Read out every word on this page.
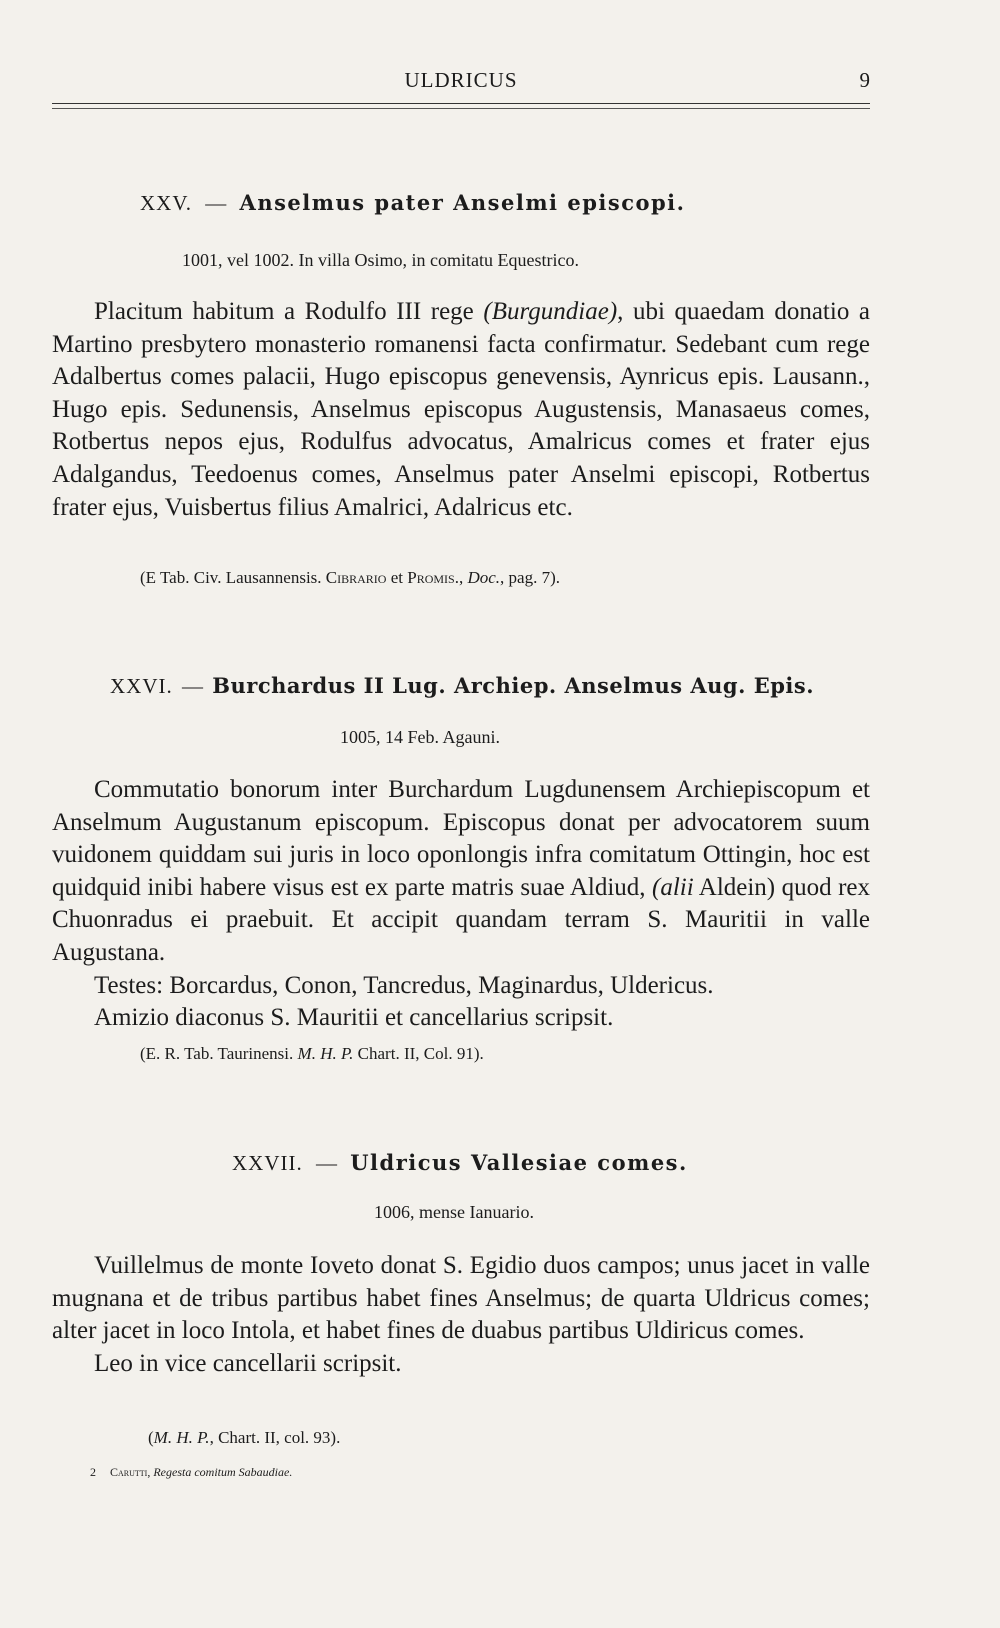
ULDRICUS	9
XXV. — Anselmus pater Anselmi episcopi.
1001, vel 1002. In villa Osimo, in comitatu Equestrico.

Placitum habitum a Rodulfo III rege (Burgundiae), ubi quaedam donatio a Martino presbytero monasterio romanensi facta confirmatur. Sedebant cum rege Adalbertus comes palacii, Hugo episcopus genevensis, Aynricus epis. Lausann., Hugo epis. Sedunensis, Anselmus episcopus Augustensis, Manasaeus comes, Rotbertus nepos ejus, Rodulfus advocatus, Amalricus comes et frater ejus Adalgandus, Teedoenus comes, Anselmus pater Anselmi episcopi, Rotbertus frater ejus, Vuisbertus filius Amalrici, Adalricus etc.

(E Tab. Civ. Lausannensis. Cibrario et Promis., Doc., pag. 7).
XXVI. — Burchardus II Lug. Archiep. Anselmus Aug. Epis.
1005, 14 Feb. Agauni.

Commutatio bonorum inter Burchardum Lugdunensem Archiepiscopum et Anselmum Augustanum episcopum. Episcopus donat per advocatorem suum vuidonem quiddam sui juris in loco oponlongis infra comitatum Ottingin, hoc est quidquid inibi habere visus est ex parte matris suae Aldiud, (alii Aldein) quod rex Chuonradus ei praebuit. Et accipit quandam terram S. Mauritii in valle Augustana.

Testes: Borcardus, Conon, Tancredus, Maginardus, Uldericus.

Amizio diaconus S. Mauritii et cancellarius scripsit.

(E. R. Tab. Taurinensi. M. H. P. Chart. II, Col. 91).
XXVII. — Uldricus Vallesiae comes.
1006, mense Ianuario.

Vuillelmus de monte Ioveto donat S. Egidio duos campos; unus jacet in valle mugnana et de tribus partibus habet fines Anselmus; de quarta Uldricus comes; alter jacet in loco Intola, et habet fines de duabus partibus Uldiricus comes.

Leo in vice cancellarii scripsit.

(M. H. P., Chart. II, col. 93).
2 Carutti, Regesta comitum Sabaudiae.
